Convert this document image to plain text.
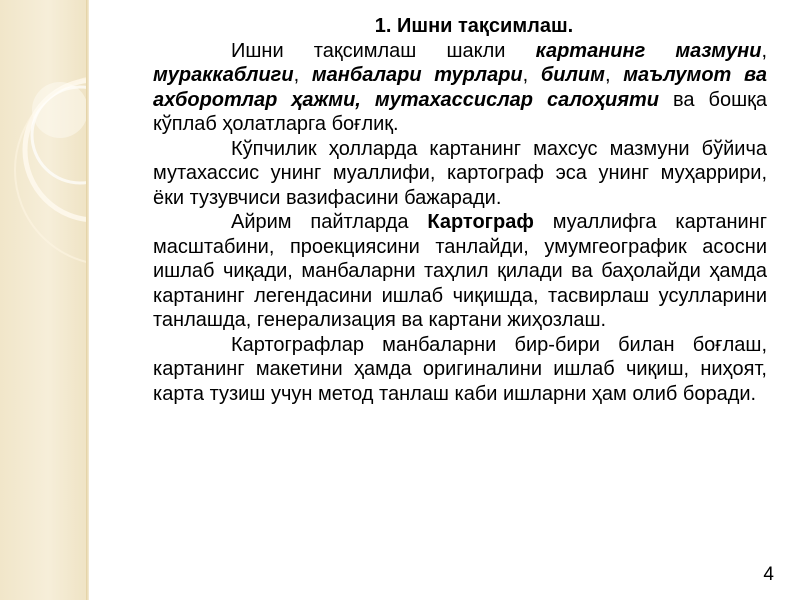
1. Ишни тақсимлаш.

Ишни тақсимлаш шакли картанинг мазмуни, мураккаблиги, манбалари турлари, билим, маълумот ва ахборотлар ҳажми, мутахассислар салоҳияти ва бошқа кўплаб ҳолатларга боғлиқ.

Кўпчилик ҳолларда картанинг махсус мазмуни бўйича мутахассис унинг муаллифи, картограф эса унинг муҳаррири, ёки тузувчиси вазифасини бажаради.

Айрим пайтларда Картограф муаллифга картанинг масштабини, проекциясини танлайди, умумгеографик асосни ишлаб чиқади, манбаларни таҳлил қилади ва баҳолайди ҳамда картанинг легендасини ишлаб чиқишда, тасвирлаш усулларини танлашда, генерализация ва картани жиҳозлаш.

Картографлар манбаларни бир-бири билан боғлаш, картанинг макетини ҳамда оригиналини ишлаб чиқиш, ниҳоят, карта тузиш учун метод танлаш каби ишларни ҳам олиб боради.

4
